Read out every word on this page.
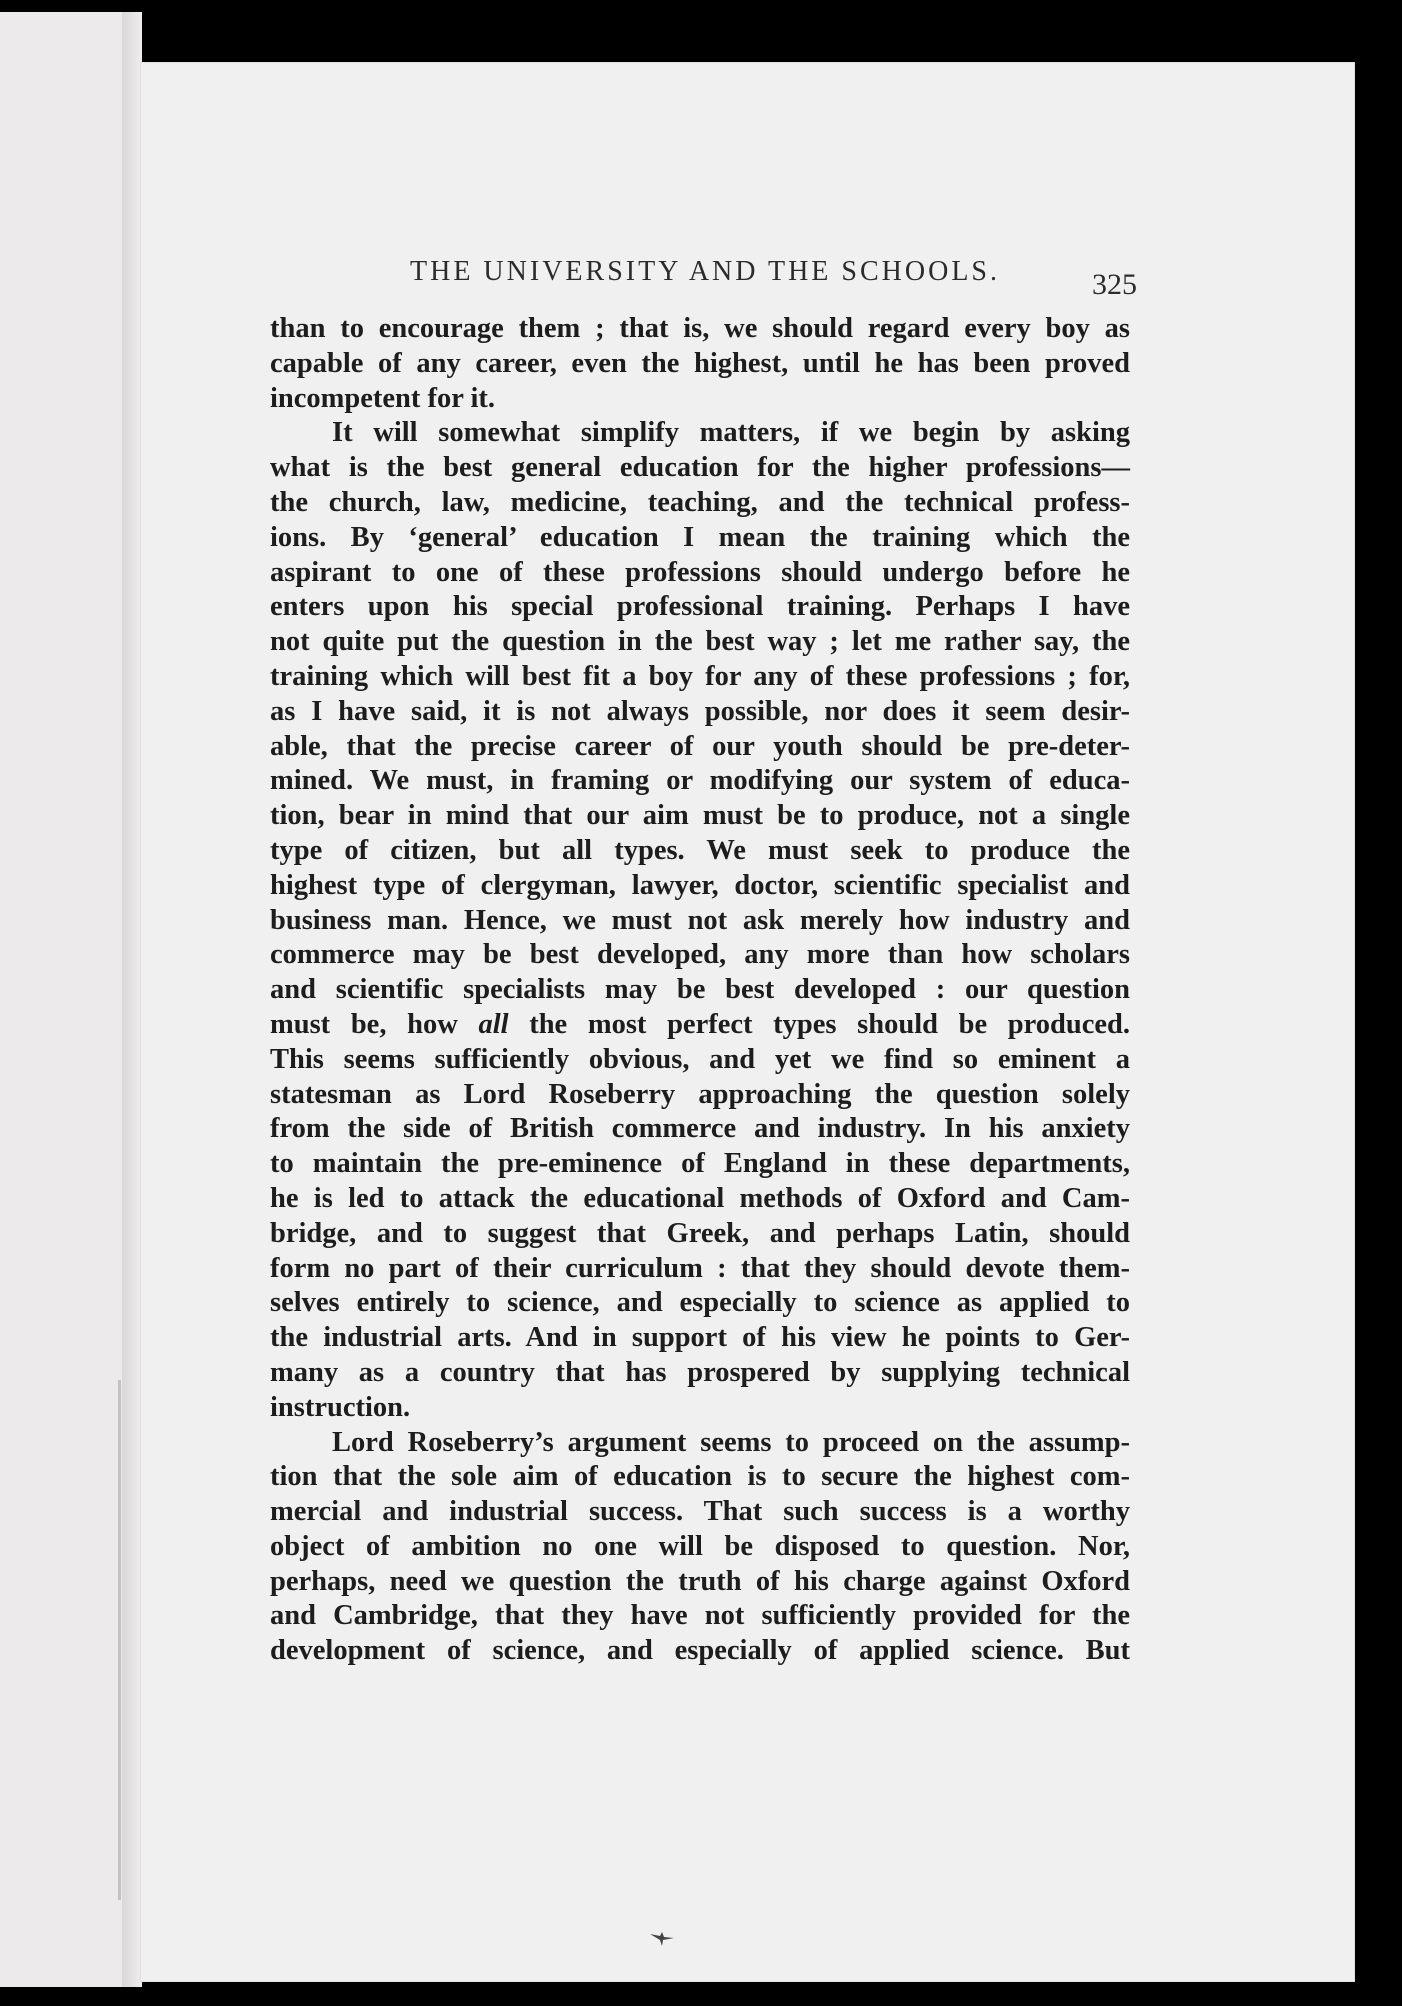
THE UNIVERSITY AND THE SCHOOLS.	325
than to encourage them ; that is, we should regard every boy as
capable of any career, even the highest, until he has been proved
incompetent for it.
It will somewhat simplify matters, if we begin by asking
what is the best general education for the higher professions—
the church, law, medicine, teaching, and the technical profess-
ions. By ‘general’ education I mean the training which the
aspirant to one of these professions should undergo before he
enters upon his special professional training. Perhaps I have
not quite put the question in the best way ; let me rather say, the
training which will best fit a boy for any of these professions ; for,
as I have said, it is not always possible, nor does it seem desir-
able, that the precise career of our youth should be pre-deter-
mined. We must, in framing or modifying our system of educa-
tion, bear in mind that our aim must be to produce, not a single
type of citizen, but all types. We must seek to produce the
highest type of clergyman, lawyer, doctor, scientific specialist and
business man. Hence, we must not ask merely how industry and
commerce may be best developed, any more than how scholars
and scientific specialists may be best developed : our question
must be, how all the most perfect types should be produced.
This seems sufficiently obvious, and yet we find so eminent a
statesman as Lord Roseberry approaching the question solely
from the side of British commerce and industry. In his anxiety
to maintain the pre-eminence of England in these departments,
he is led to attack the educational methods of Oxford and Cam-
bridge, and to suggest that Greek, and perhaps Latin, should
form no part of their curriculum : that they should devote them-
selves entirely to science, and especially to science as applied to
the industrial arts. And in support of his view he points to Ger-
many as a country that has prospered by supplying technical
instruction.
Lord Roseberry’s argument seems to proceed on the assump-
tion that the sole aim of education is to secure the highest com-
mercial and industrial success. That such success is a worthy
object of ambition no one will be disposed to question. Nor,
perhaps, need we question the truth of his charge against Oxford
and Cambridge, that they have not sufficiently provided for the
development of science, and especially of applied science. But
